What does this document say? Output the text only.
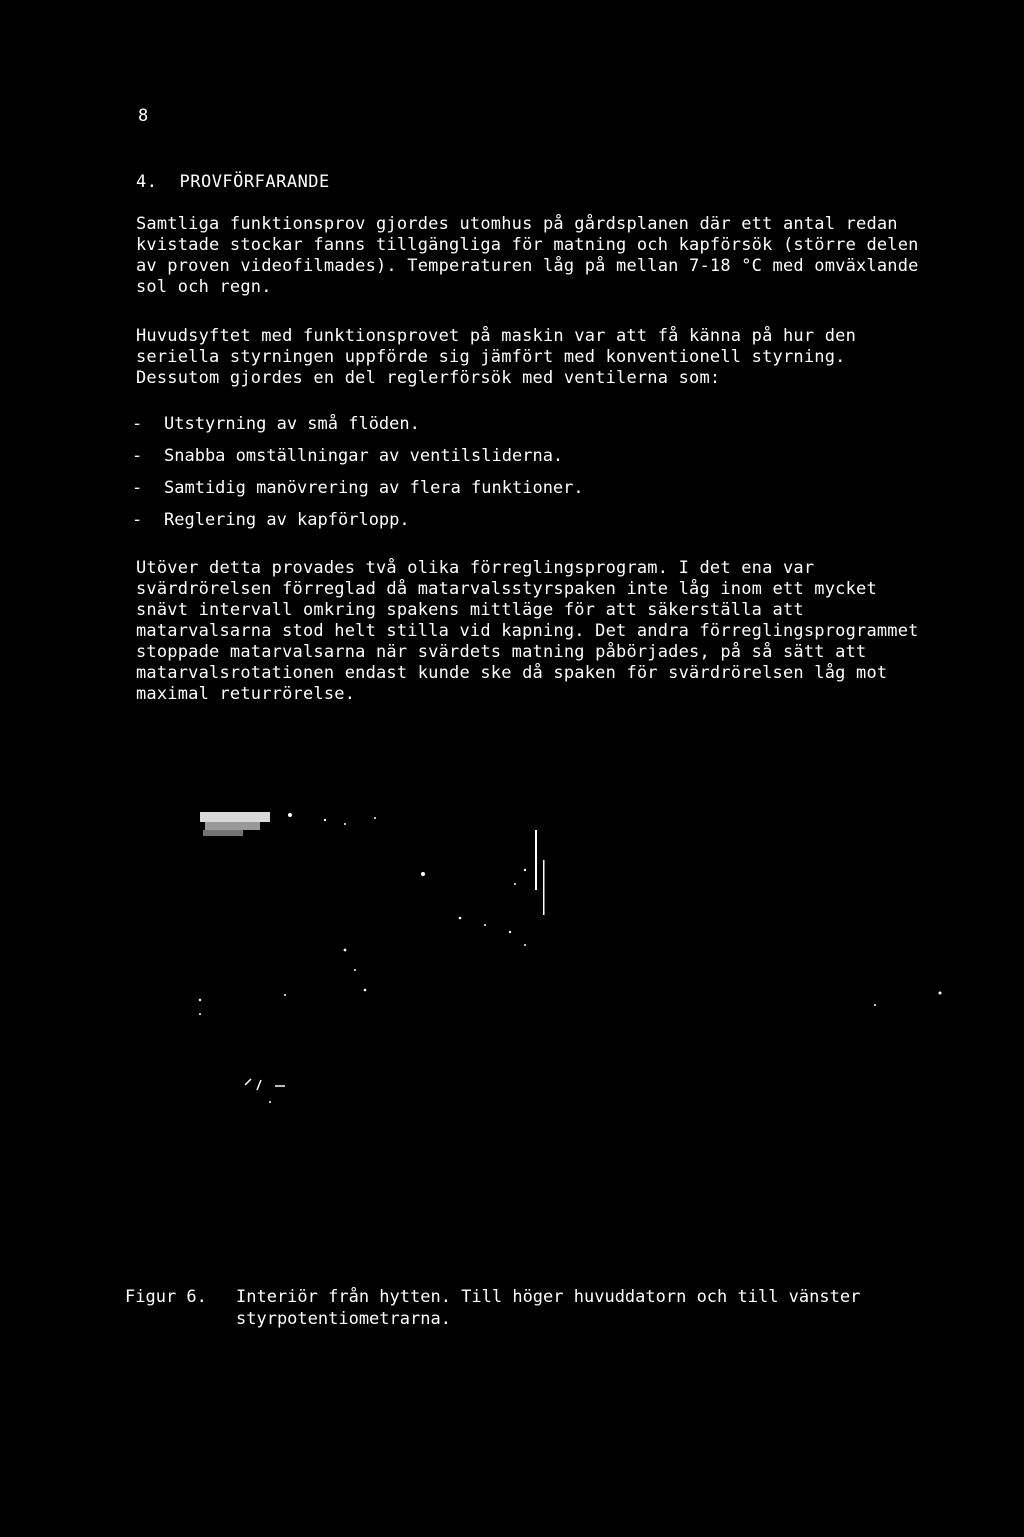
8
4. PROVFÖRFARANDE

Samtliga funktionsprov gjordes utomhus på gårdsplanen där ett antal redan kvistade stockar fanns tillgängliga för matning och kapförsök (större delen av proven videofilmades). Temperaturen låg på mellan 7-18 °C med omväxlande sol och regn.

Huvudsyftet med funktionsprovet på maskin var att få känna på hur den seriella styrningen uppförde sig jämfört med konventionell styrning. Dessutom gjordes en del reglerförsök med ventilerna som:

-	Utstyrning av små flöden.
-	Snabba omställningar av ventilsliderna.
-	Samtidig manövrering av flera funktioner.
-	Reglering av kapförlopp.

Utöver detta provades två olika förreglingsprogram. I det ena var svärdrörelsen förreglad då matarvalsstyrspaken inte låg inom ett mycket snävt intervall omkring spakens mittläge för att säkerställa att matarvalsarna stod helt stilla vid kapning. Det andra förreglingsprogrammet stoppade matarvalsarna när svärdets matning påbörjades, på så sätt att matarvalsrotationen endast kunde ske då spaken för svärdrörelsen låg mot maximal returrörelse.

Figur 6.	Interiör från hytten. Till höger huvuddatorn och till vänster styrpotentiometrarna.
